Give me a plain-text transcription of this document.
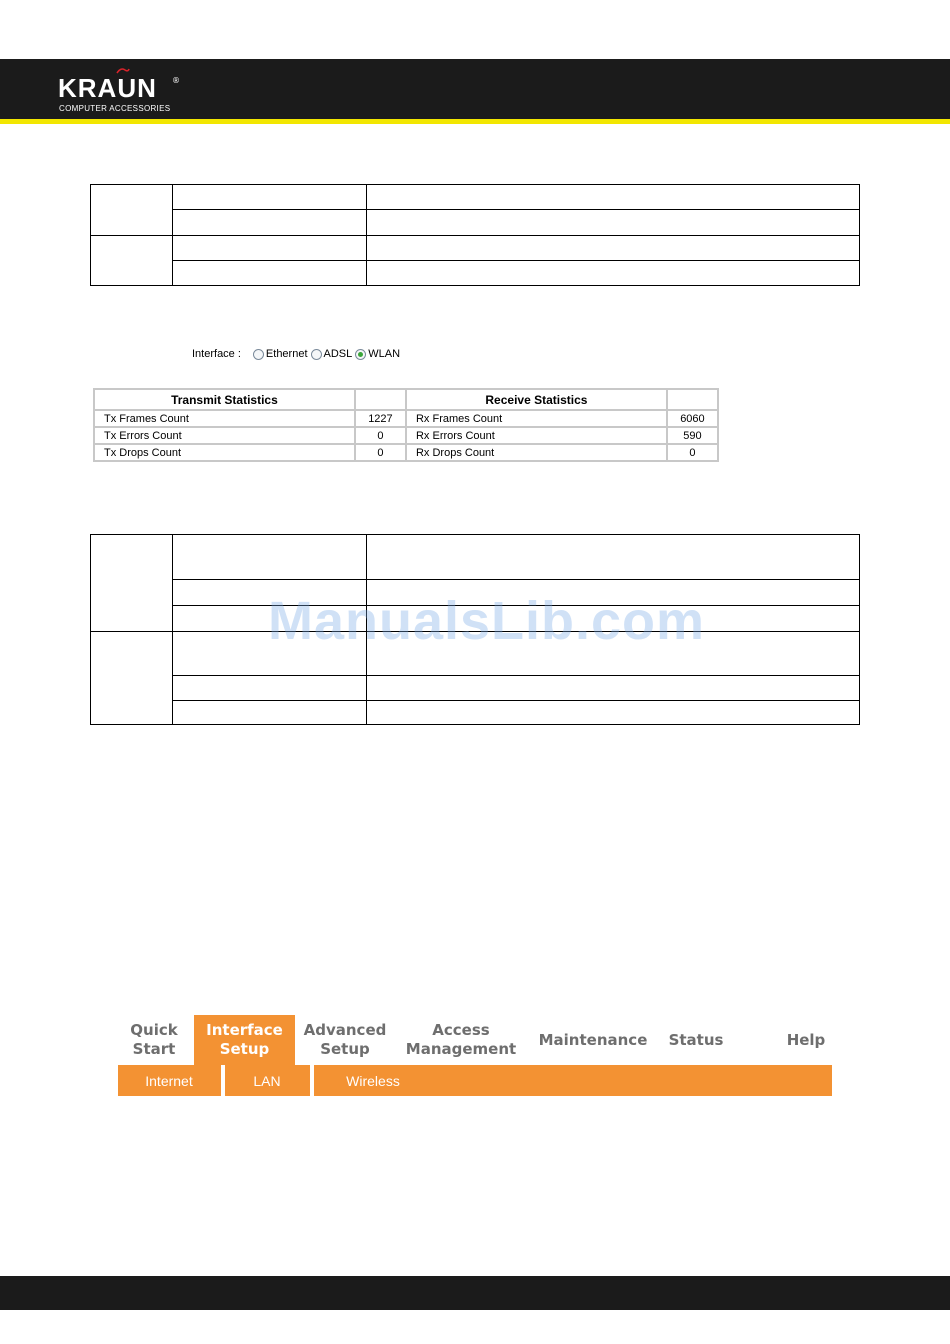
KRAUN ®
COMPUTER ACCESSORIES

Interface : Ethernet ADSL WLAN
Transmit Statistics		Receive Statistics	
Tx Frames Count	1227	Rx Frames Count	6060
Tx Errors Count	0	Rx Errors Count	590
Tx Drops Count	0	Rx Drops Count	0

ManualsLib.com
Quick
Start
Interface
Setup
Advanced
Setup
Access
Management
Maintenance Status	Help
Internet	LAN	Wireless
